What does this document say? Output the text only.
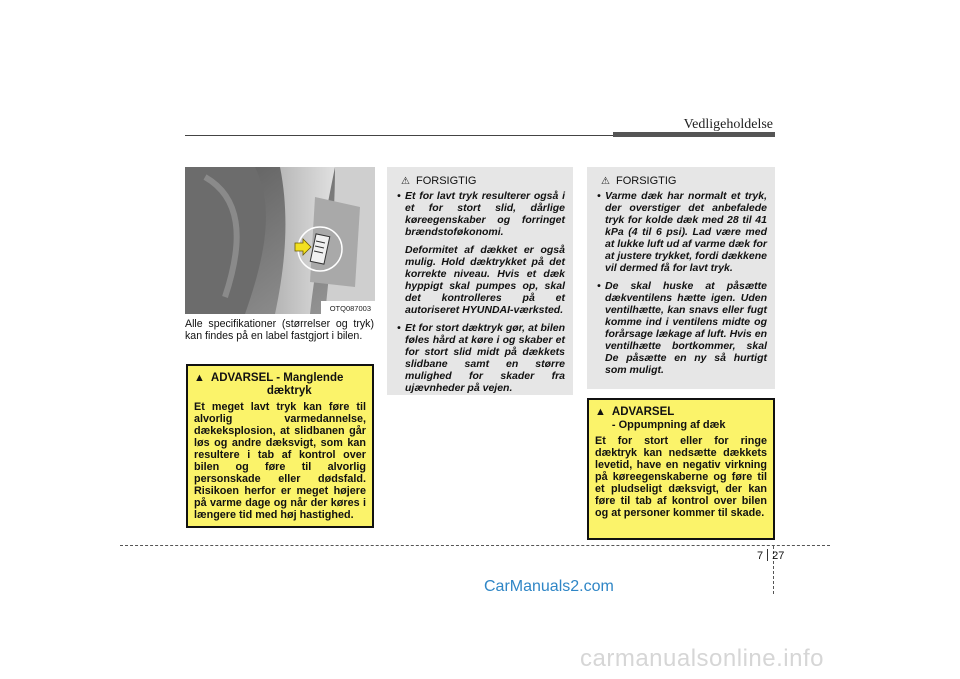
Vedligeholdelse
OTQ087003
Alle specifikationer (størrelser og tryk) kan findes på en label fastgjort i bilen.
⚠ FORSIGTIG
• Et for lavt tryk resulterer også i et for stort slid, dårlige køreegenskaber og forringet brændstoføkonomi.

Deformitet af dækket er også mulig. Hold dæktrykket på det korrekte niveau. Hvis et dæk hyppigt skal pumpes op, skal det kontrolleres på et autoriseret HYUNDAI-værksted.

• Et for stort dæktryk gør, at bilen føles hård at køre i og skaber et for stort slid midt på dækkets slidbane samt en større mulighed for skader fra ujævnheder på vejen.
⚠ FORSIGTIG
• Varme dæk har normalt et tryk, der overstiger det anbefalede tryk for kolde dæk med 28 til 41 kPa (4 til 6 psi). Lad være med at lukke luft ud af varme dæk for at justere trykket, fordi dækkene vil dermed få for lavt tryk.
• De skal huske at påsætte dækventilens hætte igen. Uden ventilhætte, kan snavs eller fugt komme ind i ventilens midte og forårsage lækage af luft. Hvis en ventilhætte bortkommer, skal De påsætte en ny så hurtigt som muligt.
▲ ADVARSEL - Manglende
dæktryk
Et meget lavt tryk kan føre til alvorlig varmedannelse, dækeksplosion, at slidbanen går løs og andre dæksvigt, som kan resultere i tab af kontrol over bilen og føre til alvorlig personskade eller dødsfald. Risikoen herfor er meget højere på varme dage og når der køres i længere tid med høj hastighed.
▲ ADVARSEL
- Oppumpning af dæk
Et for stort eller for ringe dæktryk kan nedsætte dækkets levetid, have en negativ virkning på køreegenskaberne og føre til et pludseligt dæksvigt, der kan føre til tab af kontrol over bilen og at personer kommer til skade.
7 27
CarManuals2.com
carmanualsonline.info
